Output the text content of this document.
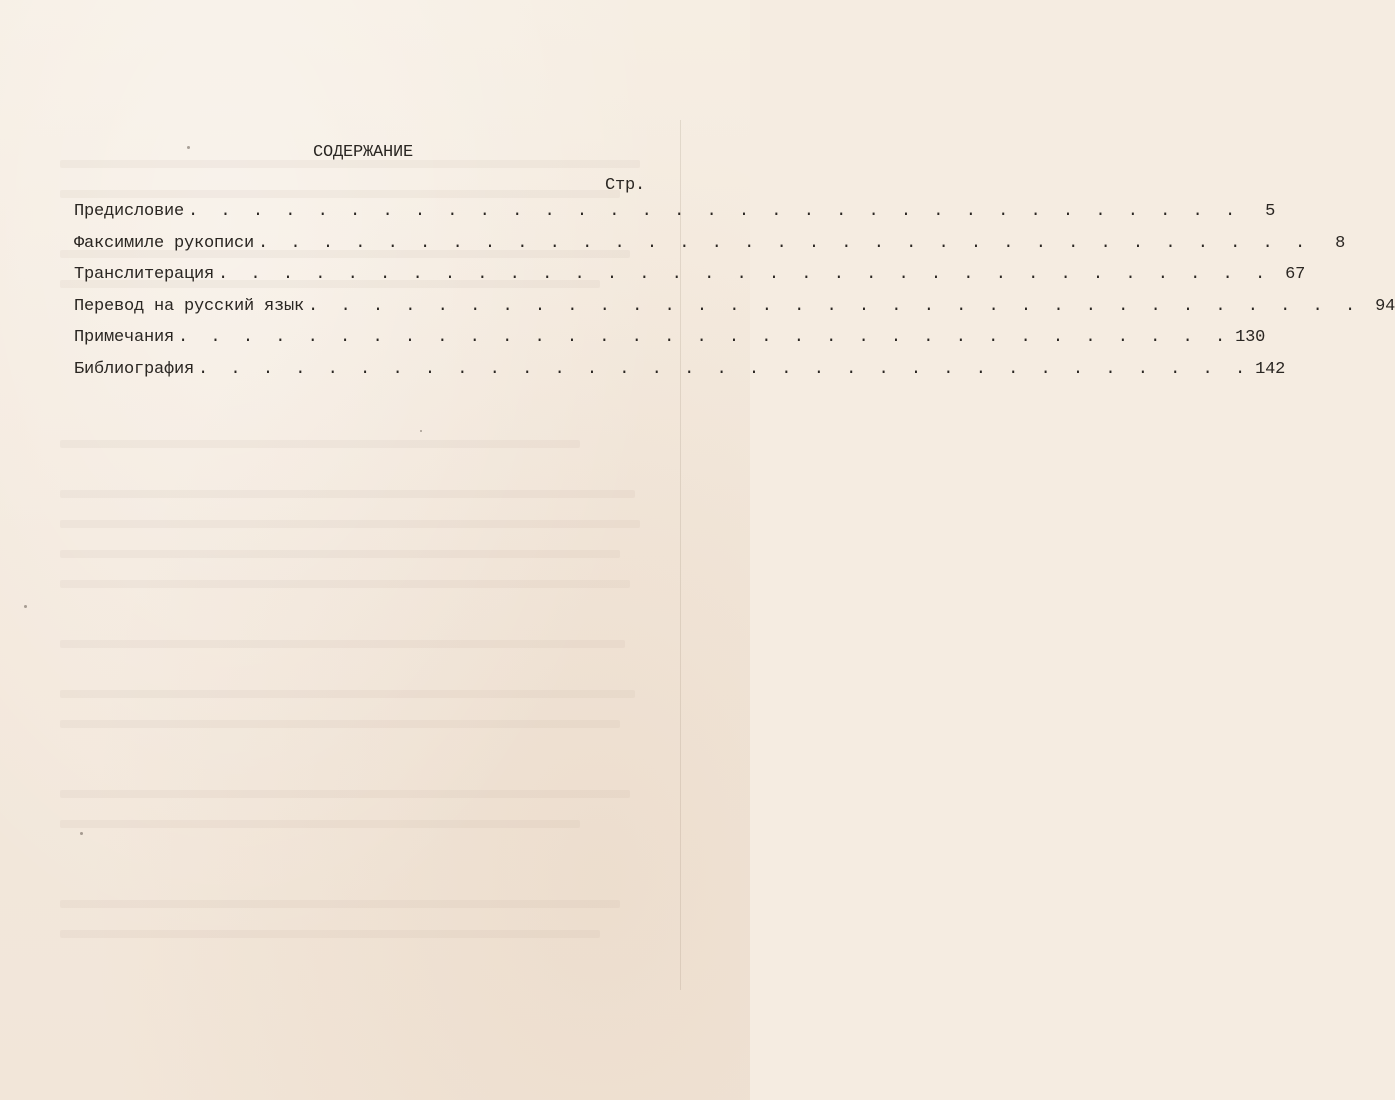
СОДЕРЖАНИЕ
Стр.
Предисловие . . . . . . . . . . . . . . . . . . . . . . . . . . . . . . . . .	5
Факсимиле рукописи . . . . . . . . . . . . . . . . . . . . . . . . . . . . . . . . .	8
Транслитерация . . . . . . . . . . . . . . . . . . . . . . . . . . . . . . . . . 67
Перевод на русский язык . . . . . . . . . . . . . . . . . . . . . . . . . . . . . . . . . 94
Примечания . . . . . . . . . . . . . . . . . . . . . . . . . . . . . . . . . 130
Библиография . . . . . . . . . . . . . . . . . . . . . . . . . . . . . . . . . 142
